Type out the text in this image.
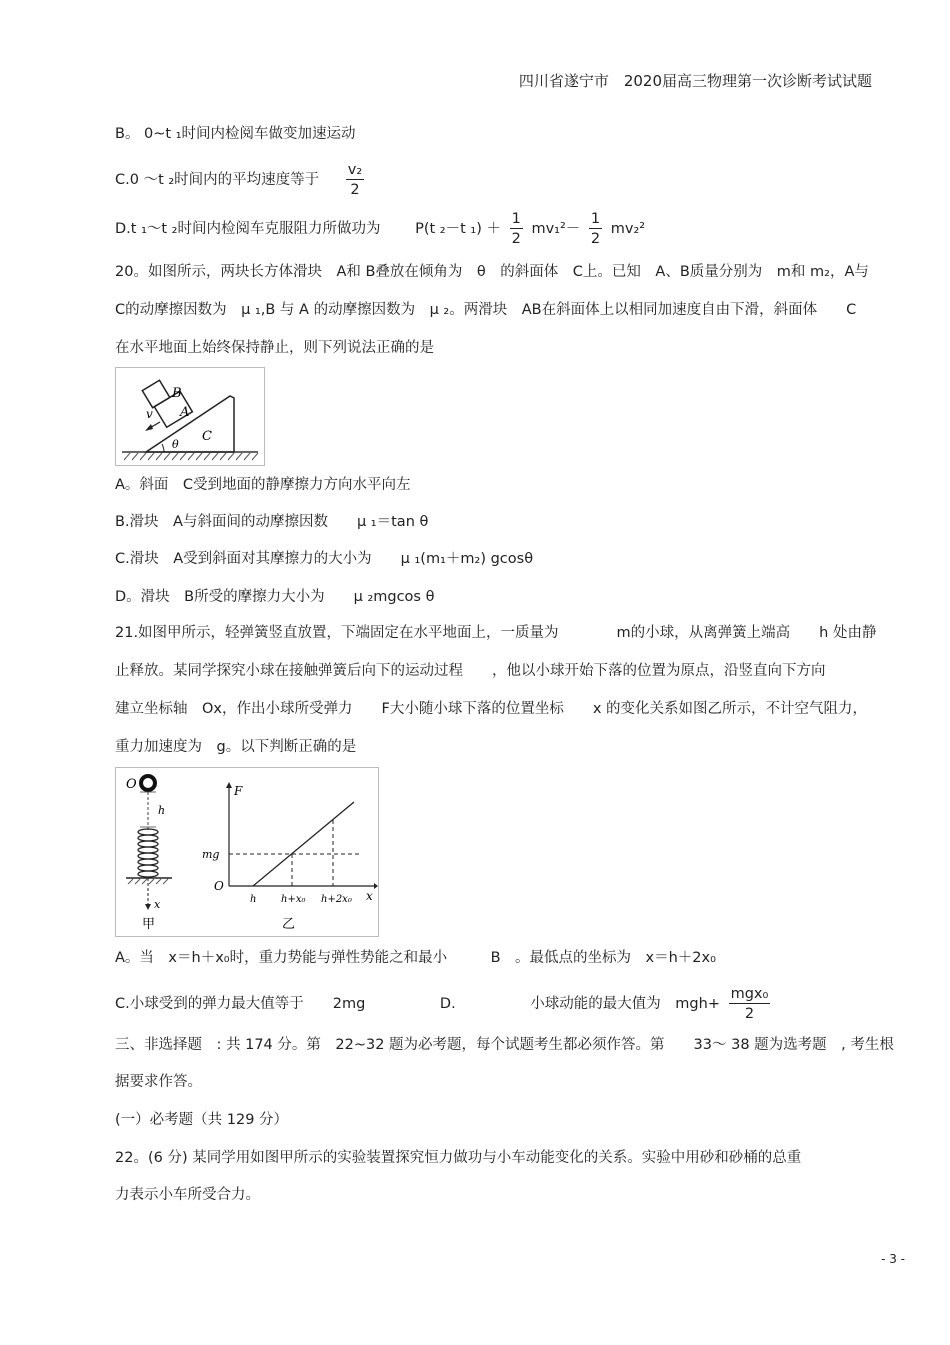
四川省遂宁市　2020届高三物理第一次诊断考试试题
B。 0~t ₁时间内检阅车做变加速运动
C.0 ～t ₂时间内的平均速度等于 $\frac{\text{v₂}}{2}$
D.t ₁～t ₂时间内检阅车克服阻力所做功为 P(t ₂－t $_1) + \frac{1}{2} mv_1^2- \frac{1}{2} mv_2^2$
20。如图所示，两块长方体滑块　A和 B叠放在倾角为　θ　的斜面体　C上。已知　A、B质量分别为　m和 m₂，A与
C的动摩擦因数为　μ ₁,B 与 A 的动摩擦因数为　μ ₂。两滑块　AB在斜面体上以相同加速度自由下滑，斜面体　　C
在水平地面上始终保持静止，则下列说法正确的是
B
A
C
v
θ
A。斜面　C受到地面的静摩擦力方向水平向左
B.滑块　A与斜面间的动摩擦因数　　μ ₁＝tan θ
C.滑块　A受到斜面对其摩擦力的大小为　　μ ₁(m₁＋m₂) gcosθ
D。滑块　B所受的摩擦力大小为　　μ ₂mgcos θ
21.如图甲所示，轻弹簧竖直放置，下端固定在水平地面上，一质量为　　　　m的小球，从离弹簧上端高　　h 处由静
止释放。某同学探究小球在接触弹簧后向下的运动过程　　，他以小球开始下落的位置为原点，沿竖直向下方向
建立坐标轴　Ox，作出小球所受弹力　　F大小随小球下落的位置坐标　　x 的变化关系如图乙所示，不计空气阻力，
重力加速度为　g。以下判断正确的是
O
h
x
甲
F
x
O
mg
h h+x₀ h+2x₀
乙
A。当　x＝h＋x₀时，重力势能与弹性势能之和最小　　　B　。最低点的坐标为　x＝h＋2x₀
C.小球受到的弹力最大值等于　　2mg	D.	小球动能的最大值为　$mgh+ \frac{\text{mgx₀}}{2}$
三、非选择题　: 共 174 分。第　22~32 题为必考题，每个试题考生都必须作答。第　　33～ 38 题为选考题　, 考生根
据要求作答。
(一）必考题（共 129 分）
22。(6 分) 某同学用如图甲所示的实验装置探究恒力做功与小车动能变化的关系。实验中用砂和砂桶的总重
力表示小车所受合力。
- 3 -
